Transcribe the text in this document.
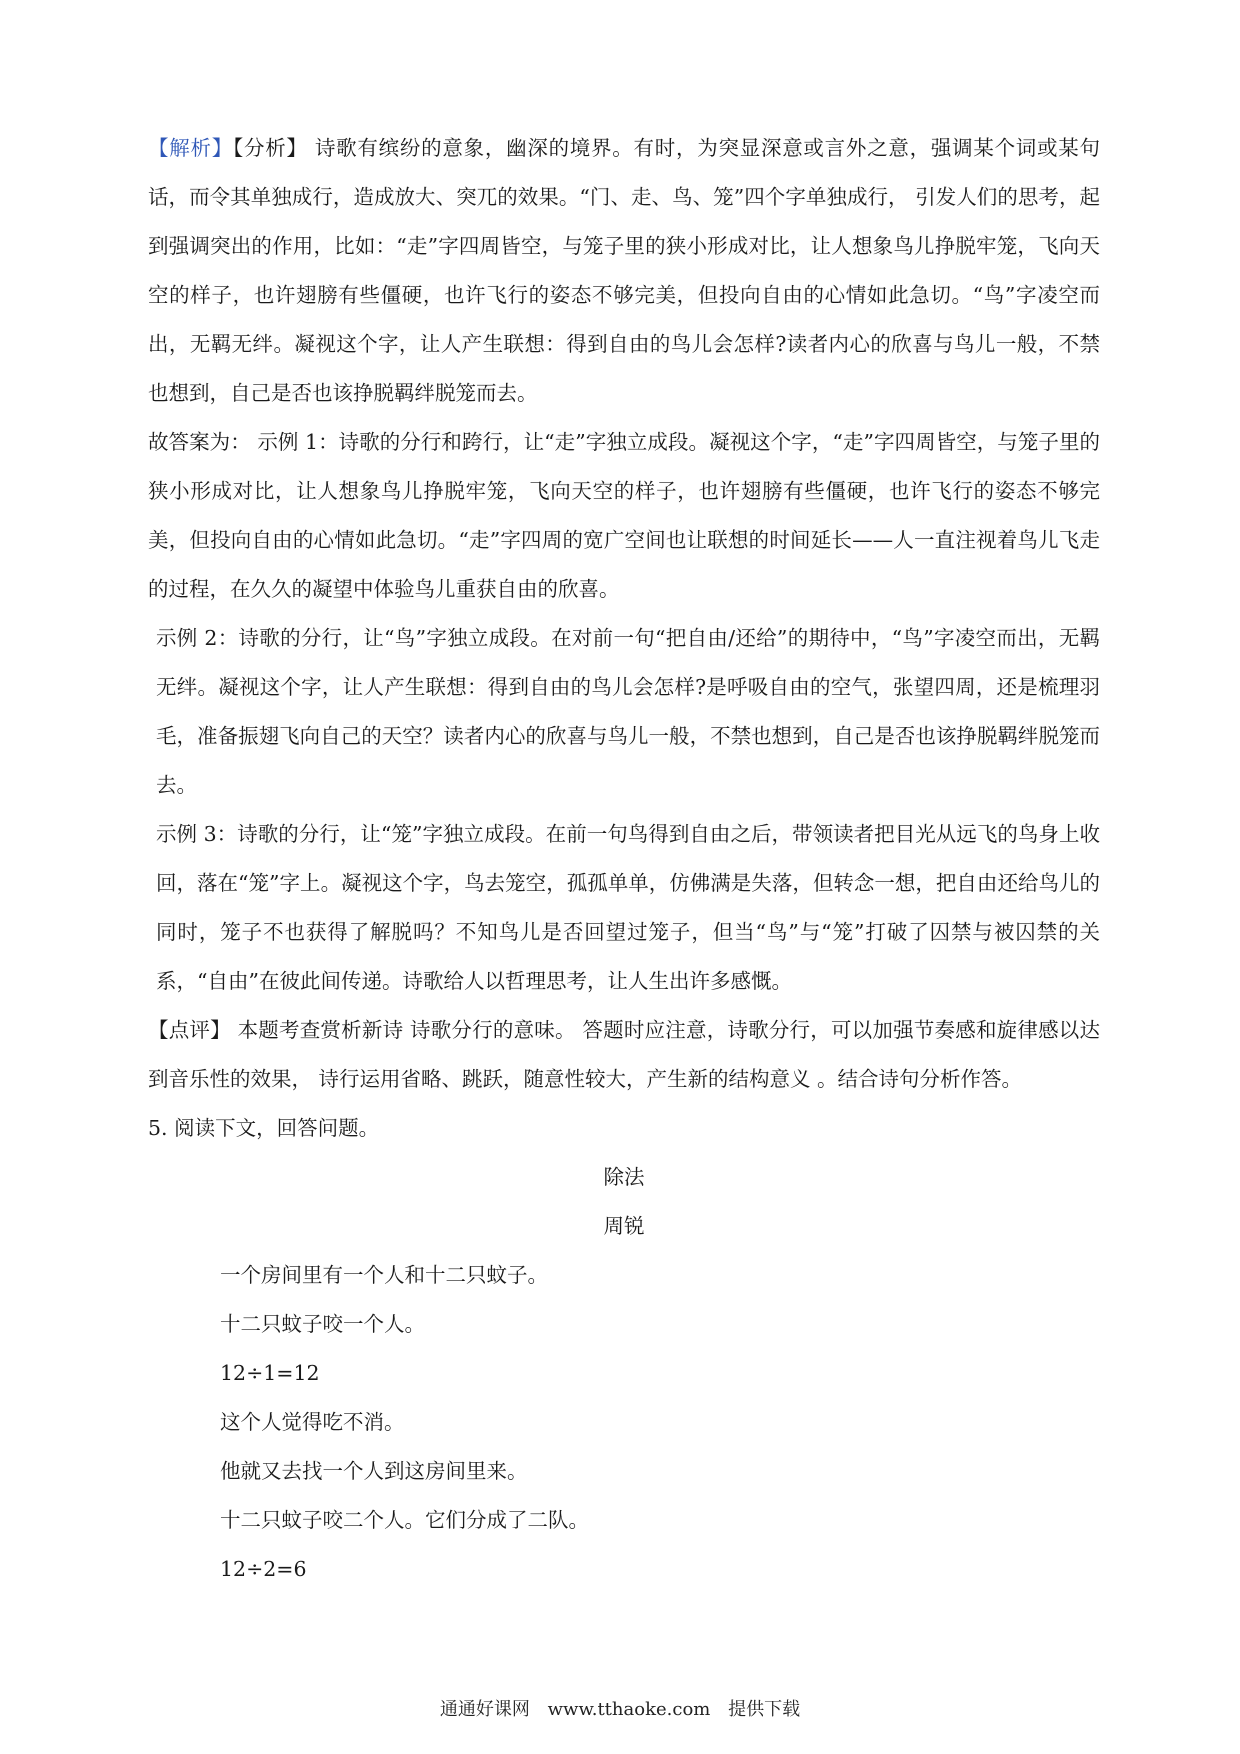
【解析】【分析】 诗歌有缤纷的意象，幽深的境界。有时，为突显深意或言外之意，强调某个词或某句话，而令其单独成行，造成放大、突兀的效果。“门、走、鸟、笼”四个字单独成行， 引发人们的思考，起到强调突出的作用，比如：“走”字四周皆空，与笼子里的狭小形成对比，让人想象鸟儿挣脱牢笼，飞向天空的样子，也许翅膀有些僵硬，也许飞行的姿态不够完美，但投向自由的心情如此急切。“鸟”字凌空而出，无羁无绊。凝视这个字，让人产生联想：得到自由的鸟儿会怎样?读者内心的欣喜与鸟儿一般，不禁也想到，自己是否也该挣脱羁绊脱笼而去。

故答案为： 示例 1：诗歌的分行和跨行，让“走”字独立成段。凝视这个字，“走”字四周皆空，与笼子里的狭小形成对比，让人想象鸟儿挣脱牢笼，飞向天空的样子，也许翅膀有些僵硬，也许飞行的姿态不够完美，但投向自由的心情如此急切。“走”字四周的宽广空间也让联想的时间延长——人一直注视着鸟儿飞走的过程，在久久的凝望中体验鸟儿重获自由的欣喜。

示例 2：诗歌的分行，让“鸟”字独立成段。在对前一句“把自由/还给”的期待中，“鸟”字凌空而出，无羁无绊。凝视这个字，让人产生联想：得到自由的鸟儿会怎样?是呼吸自由的空气，张望四周，还是梳理羽毛，准备振翅飞向自己的天空？读者内心的欣喜与鸟儿一般，不禁也想到，自己是否也该挣脱羁绊脱笼而去。

示例 3：诗歌的分行，让“笼”字独立成段。在前一句鸟得到自由之后，带领读者把目光从远飞的鸟身上收回，落在“笼”字上。凝视这个字，鸟去笼空，孤孤单单，仿佛满是失落，但转念一想，把自由还给鸟儿的同时，笼子不也获得了解脱吗？不知鸟儿是否回望过笼子，但当“鸟”与“笼”打破了囚禁与被囚禁的关系，“自由”在彼此间传递。诗歌给人以哲理思考，让人生出许多感慨。

【点评】 本题考查赏析新诗 诗歌分行的意味。 答题时应注意，诗歌分行，可以加强节奏感和旋律感以达到音乐性的效果， 诗行运用省略、跳跃，随意性较大，产生新的结构意义 。结合诗句分析作答。

5. 阅读下文，回答问题。

除法

周锐

一个房间里有一个人和十二只蚊子。

十二只蚊子咬一个人。

12÷1=12

这个人觉得吃不消。

他就又去找一个人到这房间里来。

十二只蚊子咬二个人。它们分成了二队。

12÷2=6

通通好课网 www.tthaoke.com 提供下载
